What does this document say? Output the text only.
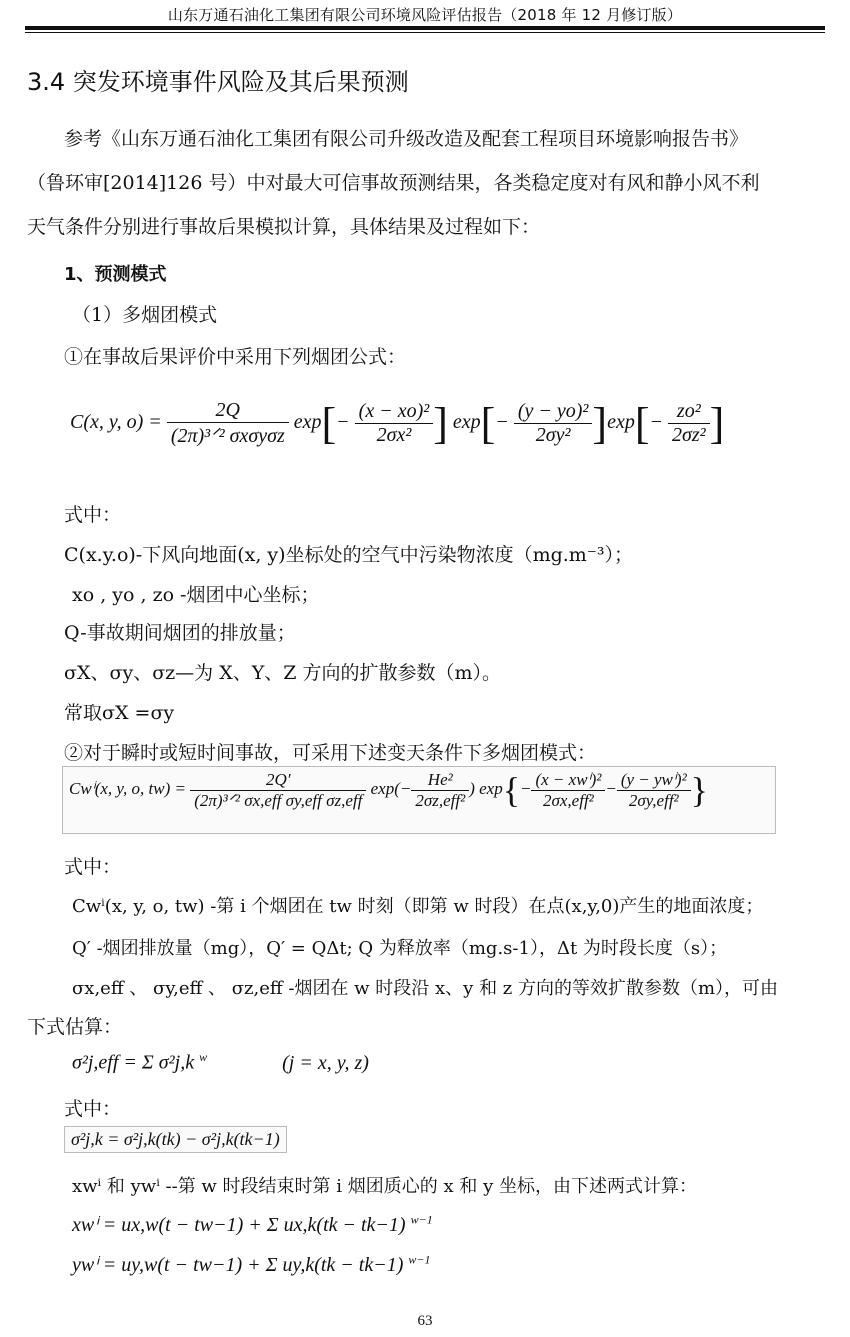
山东万通石油化工集团有限公司环境风险评估报告（2018 年 12 月修订版）
3.4 突发环境事件风险及其后果预测
参考《山东万通石油化工集团有限公司升级改造及配套工程项目环境影响报告书》
（鲁环审[2014]126 号）中对最大可信事故预测结果，各类稳定度对有风和静小风不利
天气条件分别进行事故后果模拟计算，具体结果及过程如下：
1、预测模式
（1）多烟团模式
①在事故后果评价中采用下列烟团公式：
C(x, y, $o) = \frac{2Q}{\text{(2π)³ᐟ² σxσyσz}} \exp[- \frac{\text{(x − xo)²}}{\text{2σx²}}$ ] $\exp[- \frac{\text{(y − yo)²}}{\text{2σy²}} ]\exp[- \frac{\text{zo²}}{\text{2σz²}}$ ]
式中：
C(x.y.o)-下风向地面(x, y)坐标处的空气中污染物浓度（mg.m⁻³）；
xo , yo , zo -烟团中心坐标；
Q-事故期间烟团的排放量；
σX、σy、σz—为 X、Y、Z 方向的扩散参数（m）。
常取σX =σy
②对于瞬时或短时间事故，可采用下述变天条件下多烟团模式：
Cwⁱ(x, y, o, $tw) = \frac{2Q'}{\text{(2π)³ᐟ² σx,eff σy,eff σz,eff}} \exp(- \frac{\text{He²}}{\text{2σz,eff²}}$ ) $\exp\{- \frac{\text{(x − xwⁱ)²}}{\text{2σx,eff²}} - \frac{\text{(y − ywⁱ)²}}{\text{2σy,eff²}}$ }
式中：
Cwⁱ(x, y, o, tw) -第 i 个烟团在 tw 时刻（即第 w 时段）在点(x,y,0)产生的地面浓度；
Q′ -烟团排放量（mg），Q′ = QΔt; Q 为释放率（mg.s-1），Δt 为时段长度（s）；
σx,eff 、 σy,eff 、 σz,eff -烟团在 w 时段沿 x、y 和 z 方向的等效扩散参数（m），可由
下式估算：
σ²j,eff = Σ σ²j,k $^w$	(j = x, y, z)
式中：
σ²j,k = σ²j,k(tk) − σ²j,k(tk−1)
xwⁱ 和 ywⁱ --第 w 时段结束时第 i 烟团质心的 x 和 y 坐标，由下述两式计算：
xwⁱ = ux,w(t − tw−1) + Σ ux,k(tk − tk−1) $^{w-1}$
ywⁱ = uy,w(t − tw−1) + Σ uy,k(tk − tk−1) $^{w-1}$
63
